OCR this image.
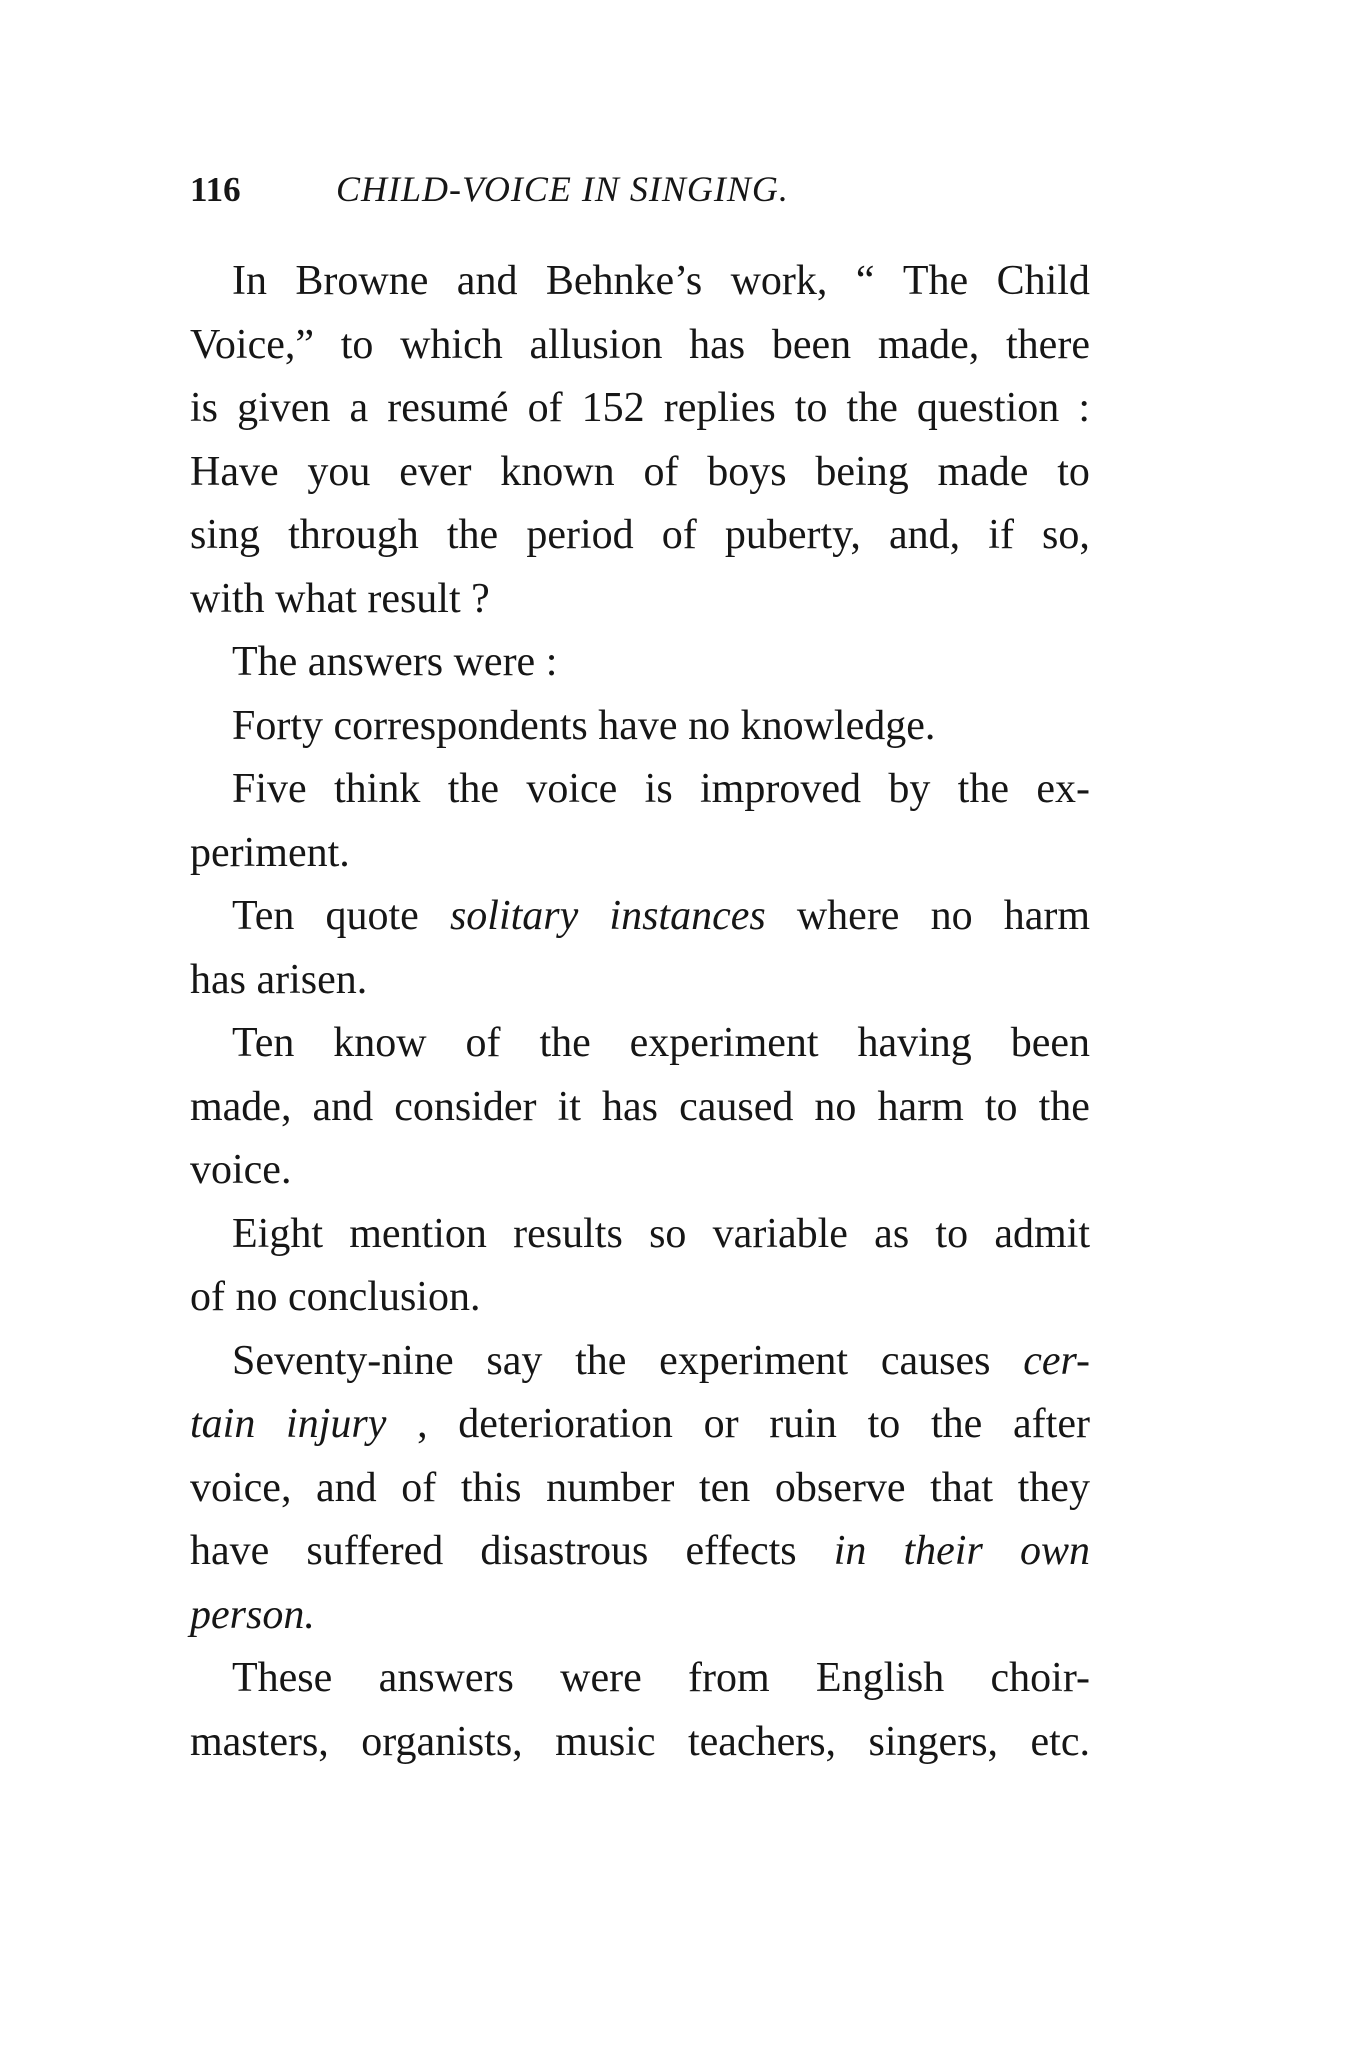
116	CHILD-VOICE IN SINGING.
In Browne and Behnke’s work, “ The Child
Voice,” to which allusion has been made, there
is given a resumé of 152 replies to the question :
Have you ever known of boys being made to
sing through the period of puberty, and, if so,
with what result ?
The answers were :
Forty correspondents have no knowledge.
Five think the voice is improved by the ex-
periment.
Ten quote solitary instances where no harm
has arisen.
Ten know of the experiment having been
made, and consider it has caused no harm to the
voice.
Eight mention results so variable as to admit
of no conclusion.
Seventy-nine say the experiment causes cer-
tain injury , deterioration or ruin to the after
voice, and of this number ten observe that they
have suffered disastrous effects in their own
person.
These answers were from English choir-
masters, organists, music teachers, singers, etc.
